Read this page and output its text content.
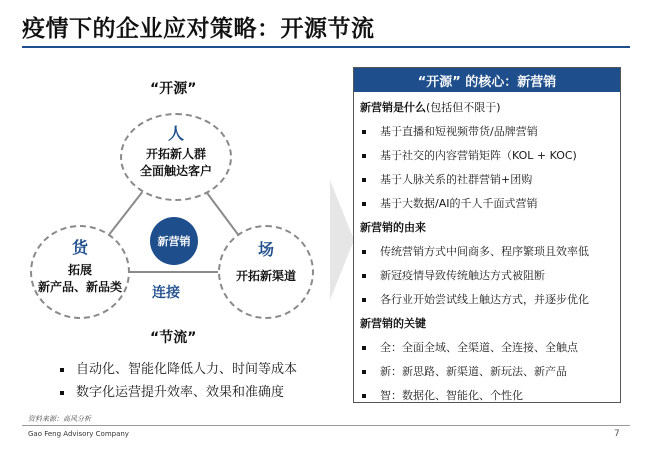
疫情下的企业应对策略：开源节流
“开源”
人
开拓新人群
全面触达客户
货
拓展
新产品、新品类
场
开拓新渠道
新营销
连接
“节流”
自动化、智能化降低人力、时间等成本
数字化运营提升效率、效果和准确度
“开源” 的核心：新营销
新营销是什么(包括但不限于)
基于直播和短视频带货/品牌营销
基于社交的内容营销矩阵（KOL + KOC)
基于人脉关系的社群营销+团购
基于大数据/AI的千人千面式营销
新营销的由来
传统营销方式中间商多、程序繁琐且效率低
新冠疫情导致传统触达方式被阻断
各行业开始尝试线上触达方式，并逐步优化
新营销的关键
全：全面全域、全渠道、全连接、全触点
新：新思路、新渠道、新玩法、新产品
智：数据化、智能化、个性化
资料来源：高风分析
Gao Feng Advisory Company	7
